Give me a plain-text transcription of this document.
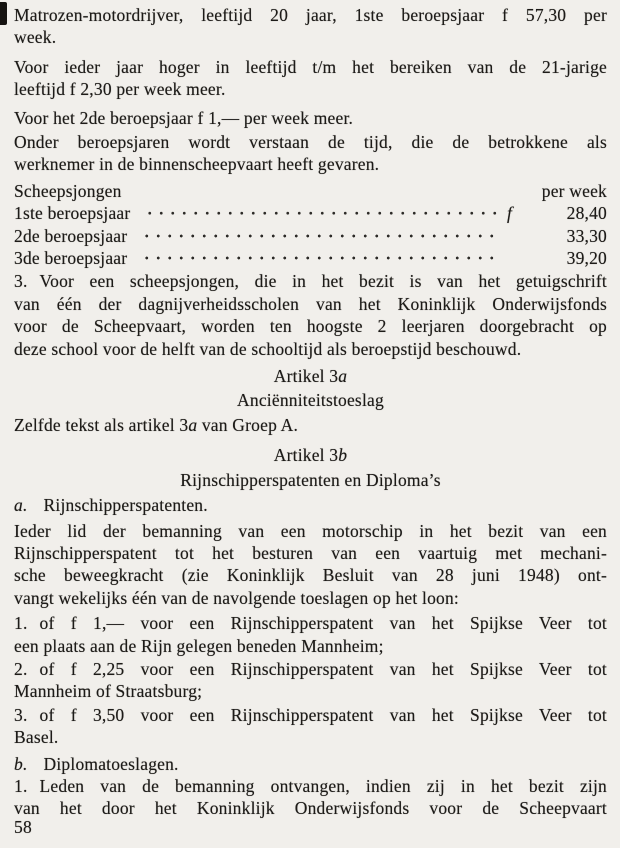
Matrozen-motordrijver, leeftijd 20 jaar, 1ste beroepsjaar f 57,30 per
week.
Voor ieder jaar hoger in leeftijd t/m het bereiken van de 21-jarige
leeftijd f 2,30 per week meer.
Voor het 2de beroepsjaar f 1,— per week meer.
Onder beroepsjaren wordt verstaan de tijd, die de betrokkene als
werknemer in de binnenscheepvaart heeft gevaren.
Scheepsjongen	per week
1ste beroepsjaar	f	28,40
2de beroepsjaar	33,30
3de beroepsjaar	39,20
3. Voor een scheepsjongen, die in het bezit is van het getuigschrift
van één der dagnijverheidsscholen van het Koninklijk Onderwijsfonds
voor de Scheepvaart, worden ten hoogste 2 leerjaren doorgebracht op
deze school voor de helft van de schooltijd als beroepstijd beschouwd.
Artikel 3a
Anciënniteitstoeslag
Zelfde tekst als artikel 3a van Groep A.
Artikel 3b
Rijnschipperspatenten en Diploma’s
a. Rijnschipperspatenten.
Ieder lid der bemanning van een motorschip in het bezit van een
Rijnschipperspatent tot het besturen van een vaartuig met mechani-
sche beweegkracht (zie Koninklijk Besluit van 28 juni 1948) ont-
vangt wekelijks één van de navolgende toeslagen op het loon:
1. of f 1,— voor een Rijnschipperspatent van het Spijkse Veer tot
een plaats aan de Rijn gelegen beneden Mannheim;
2. of f 2,25 voor een Rijnschipperspatent van het Spijkse Veer tot
Mannheim of Straatsburg;
3. of f 3,50 voor een Rijnschipperspatent van het Spijkse Veer tot
Basel.
b. Diplomatoeslagen.
1. Leden van de bemanning ontvangen, indien zij in het bezit zijn
van het door het Koninklijk Onderwijsfonds voor de Scheepvaart
58
